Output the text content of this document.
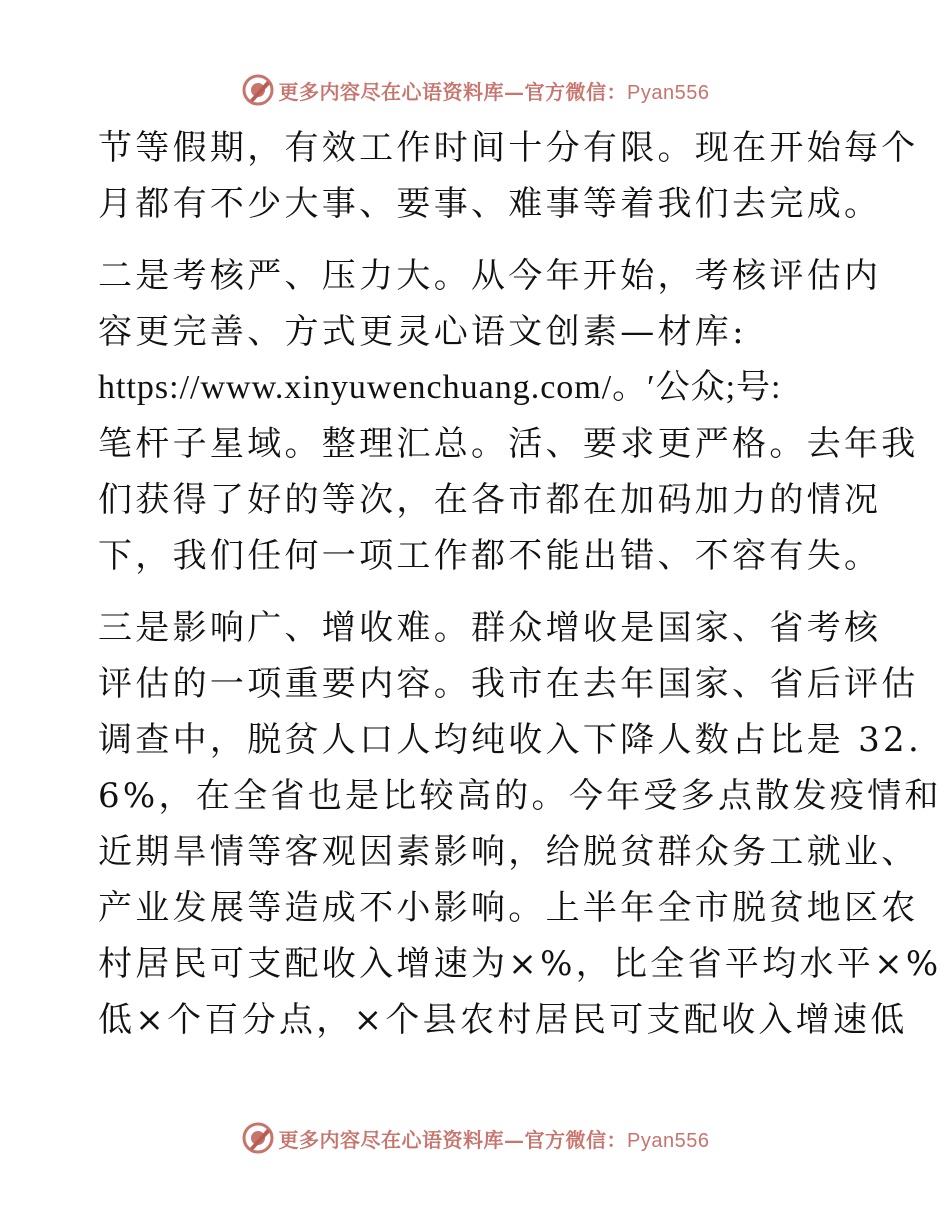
更多内容尽在心语资料库—官方微信：Pyan556
节等假期，有效工作时间十分有限。现在开始每个
月都有不少大事、要事、难事等着我们去完成。
二是考核严、压力大。从今年开始，考核评估内
容更完善、方式更灵心语文创素—材库:
https://www.xinyuwenchuang.com/。′公众;号:
笔杆子星域。整理汇总。活、要求更严格。去年我
们获得了好的等次，在各市都在加码加力的情况
下，我们任何一项工作都不能出错、不容有失。
三是影响广、增收难。群众增收是国家、省考核
评估的一项重要内容。我市在去年国家、省后评估
调查中，脱贫人口人均纯收入下降人数占比是 32.
6%，在全省也是比较高的。今年受多点散发疫情和
近期旱情等客观因素影响，给脱贫群众务工就业、
产业发展等造成不小影响。上半年全市脱贫地区农
村居民可支配收入增速为×%，比全省平均水平×%
低×个百分点，×个县农村居民可支配收入增速低
更多内容尽在心语资料库—官方微信：Pyan556
